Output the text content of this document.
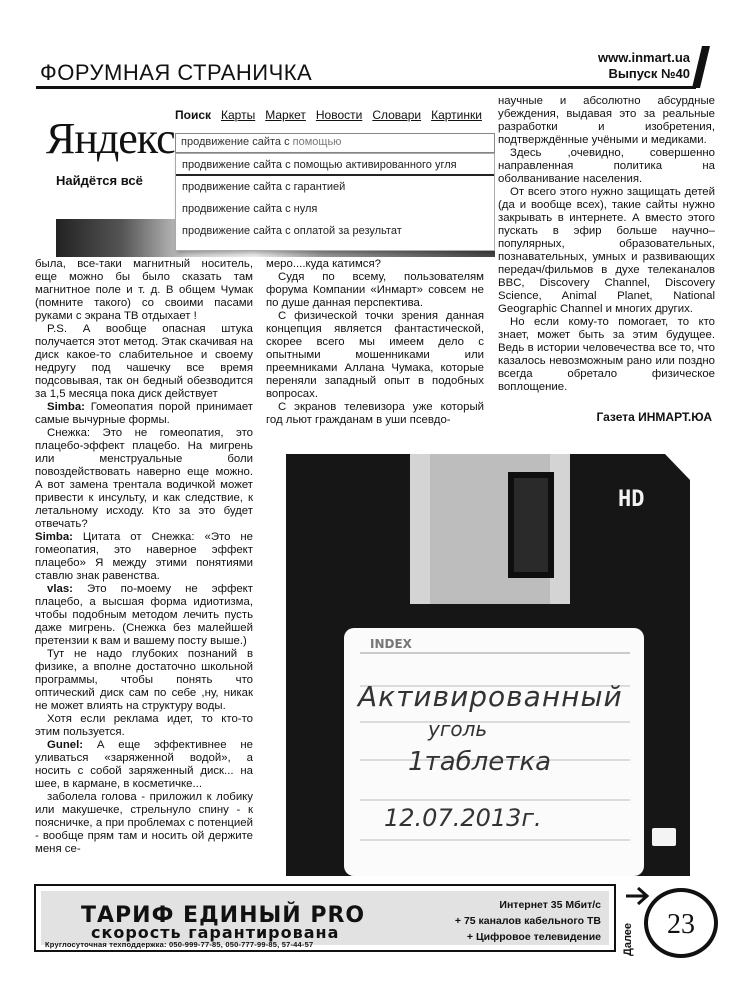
www.inmart.ua
Выпуск №40
ФОРУМНАЯ СТРАНИЧКА
Яндекс
Найдётся всё
Поиск Карты Маркет Новости Словари Картинки
продвижение сайта с помощью
продвижение сайта с помощью активированного угля
продвижение сайта с гарантией
продвижение сайта с нуля
продвижение сайта с оплатой за результат

была, все-таки магнитный носитель, еще можно бы было сказать там магнитное поле и т. д. В общем Чумак (помните такого) со своими пасами руками с экрана ТВ отдыхает !

P.S. А вообще опасная штука получается этот метод. Этак скачивая на диск какое-то слабительное и своему недругу под чашечку все время подсовывая, так он бедный обезводится за 1,5 месяца пока диск действует

Simba: Гомеопатия порой принимает самые вычурные формы.

Снежка: Это не гомеопатия, это плацебо-эффект плацебо. На мигрень или менструальные боли повоздействовать наверно еще можно. А вот замена трентала водичкой может привести к инсульту, и как следствие, к летальному исходу. Кто за это будет отвечать?

Simba: Цитата от Снежка: «Это не гомеопатия, это наверное эффект плацебо» Я между этими понятиями ставлю знак равенства.

vlas: Это по-моему не эффект плацебо, а высшая форма идиотизма, чтобы подобным методом лечить пусть даже мигрень. (Снежка без малейшей претензии к вам и вашему посту выше.)

Тут не надо глубоких познаний в физике, а вполне достаточно школьной программы, чтобы понять что оптический диск сам по себе ,ну, никак не может влиять на структуру воды.

Хотя если реклама идет, то кто-то этим пользуется.

Gunel: А еще эффективнее не уливаться «заряженной водой», а носить с собой заряженный диск... на шее, в кармане, в косметичке...

заболела голова - приложил к лобику или макушечке, стрельнуло спину - к поясничке, а при проблемах с потенцией - вообще прям там и носить ой держите меня се-

меро....куда катимся?

Судя по всему, пользователям форума Компании «Инмарт» совсем не по душе данная перспектива.

С физической точки зрения данная концепция является фантастической, скорее всего мы имеем дело с опытными мошенниками или преемниками Аллана Чумака, которые переняли западный опыт в подобных вопросах.

С экранов телевизора уже который год льют гражданам в уши псевдо-

научные и абсолютно абсурдные убеждения, выдавая это за реальные разработки и изобретения, подтверждённые учёными и медиками.

Здесь ,очевидно, совершенно направленная политика на оболванивание населения.

От всего этого нужно защищать детей (да и вообще всех), такие сайты нужно закрывать в интернете. А вместо этого пускать в эфир больше научно–популярных, образовательных, познавательных, умных и развивающих передач/фильмов в духе телеканалов BBC, Discovery Channel, Discovery Science, Animal Planet, National Geographic Channel и многих других.

Но если кому-то помогает, то кто знает, может быть за этим будущее. Ведь в истории человечества все то, что казалось невозможным рано или поздно всегда обретало физическое воплощение.

Газета ИНМАРТ.ЮА
HD
INDEX
Активированный
уголь
1таблетка
12.07.2013г.
ТАРИФ ЕДИНЫЙ PRO
скорость гарантирована
Круглосуточная техподдержка: 050-999-77-85, 050-777-99-85, 57-44-57
Интернет 35 Мбит/с
+ 75 каналов кабельного ТВ
+ Цифровое телевидение Далее	23
